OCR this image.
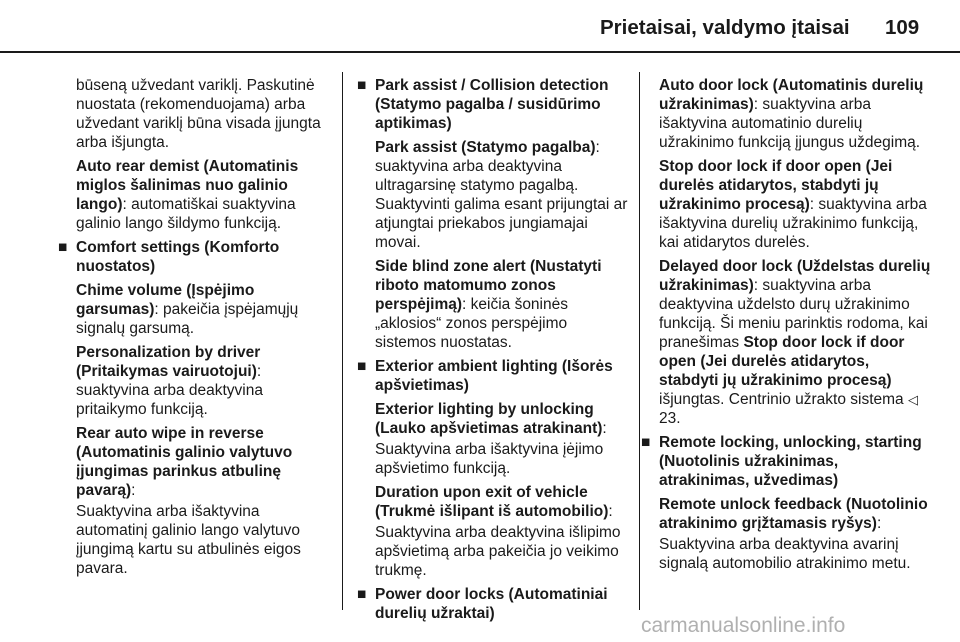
Prietaisai, valdymo įtaisai 109

būseną užvedant variklį. Paskutinė nuostata (rekomenduojama) arba užvedant variklį būna visada įjungta arba išjungta.

Auto rear demist (Automatinis miglos šalinimas nuo galinio lango): automatiškai suaktyvina galinio lango šildymo funkciją.

■ Comfort settings (Komforto nuostatos)

Chime volume (Įspėjimo garsumas): pakeičia įspėjamųjų signalų garsumą.

Personalization by driver (Pritaikymas vairuotojui): suaktyvina arba deaktyvina pritaikymo funkciją.

Rear auto wipe in reverse (Automatinis galinio valytuvo įjungimas parinkus atbulinę pavarą):

Suaktyvina arba išaktyvina automatinį galinio lango valytuvo įjungimą kartu su atbulinės eigos pavara.

■ Park assist / Collision detection (Statymo pagalba / susidūrimo aptikimas)

Park assist (Statymo pagalba): suaktyvina arba deaktyvina ultragarsinę statymo pagalbą. Suaktyvinti galima esant prijungtai ar atjungtai priekabos jungiamajai movai.

Side blind zone alert (Nustatyti riboto matomumo zonos perspėjimą): keičia šoninės „aklosios“ zonos perspėjimo sistemos nuostatas.

■ Exterior ambient lighting (Išorės apšvietimas)

Exterior lighting by unlocking (Lauko apšvietimas atrakinant):

Suaktyvina arba išaktyvina įėjimo apšvietimo funkciją.

Duration upon exit of vehicle (Trukmė išlipant iš automobilio):

Suaktyvina arba deaktyvina išlipimo apšvietimą arba pakeičia jo veikimo trukmę.

■ Power door locks (Automatiniai durelių užraktai)

Auto door lock (Automatinis durelių užrakinimas): suaktyvina arba išaktyvina automatinio durelių užrakinimo funkciją įjungus uždegimą.

Stop door lock if door open (Jei durelės atidarytos, stabdyti jų užrakinimo procesą): suaktyvina arba išaktyvina durelių užrakinimo funkciją, kai atidarytos durelės.

Delayed door lock (Uždelstas durelių užrakinimas): suaktyvina arba deaktyvina uždelsto durų užrakinimo funkciją. Ši meniu parinktis rodoma, kai pranešimas Stop door lock if door open (Jei durelės atidarytos, stabdyti jų užrakinimo procesą) išjungtas. Centrinio užrakto sistema ◁ 23.

■ Remote locking, unlocking, starting (Nuotolinis užrakinimas, atrakinimas, užvedimas)

Remote unlock feedback (Nuotolinio atrakinimo grįžtamasis ryšys):

Suaktyvina arba deaktyvina avarinį signalą automobilio atrakinimo metu.

carmanualsonline.info
